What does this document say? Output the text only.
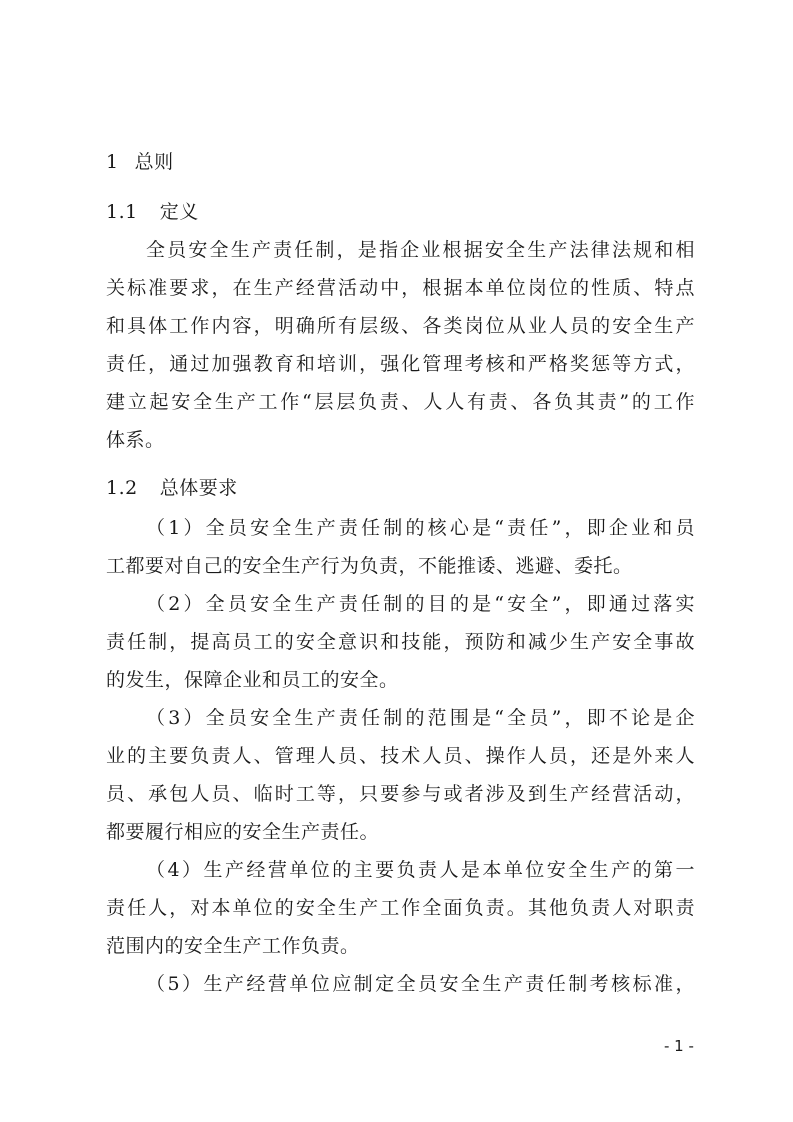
1 总则
1.1 定义
全员安全生产责任制，是指企业根据安全生产法律法规和相
关标准要求，在生产经营活动中，根据本单位岗位的性质、特点
和具体工作内容，明确所有层级、各类岗位从业人员的安全生产
责任，通过加强教育和培训，强化管理考核和严格奖惩等方式，
建立起安全生产工作“层层负责、人人有责、各负其责”的工作
体系。
1.2 总体要求
（1）全员安全生产责任制的核心是“责任”，即企业和员
工都要对自己的安全生产行为负责，不能推诿、逃避、委托。
（2）全员安全生产责任制的目的是“安全”，即通过落实
责任制，提高员工的安全意识和技能，预防和减少生产安全事故
的发生，保障企业和员工的安全。
（3）全员安全生产责任制的范围是“全员”，即不论是企
业的主要负责人、管理人员、技术人员、操作人员，还是外来人
员、承包人员、临时工等，只要参与或者涉及到生产经营活动，
都要履行相应的安全生产责任。
（4）生产经营单位的主要负责人是本单位安全生产的第一
责任人，对本单位的安全生产工作全面负责。其他负责人对职责
范围内的安全生产工作负责。
（5）生产经营单位应制定全员安全生产责任制考核标准，
- 1 -
